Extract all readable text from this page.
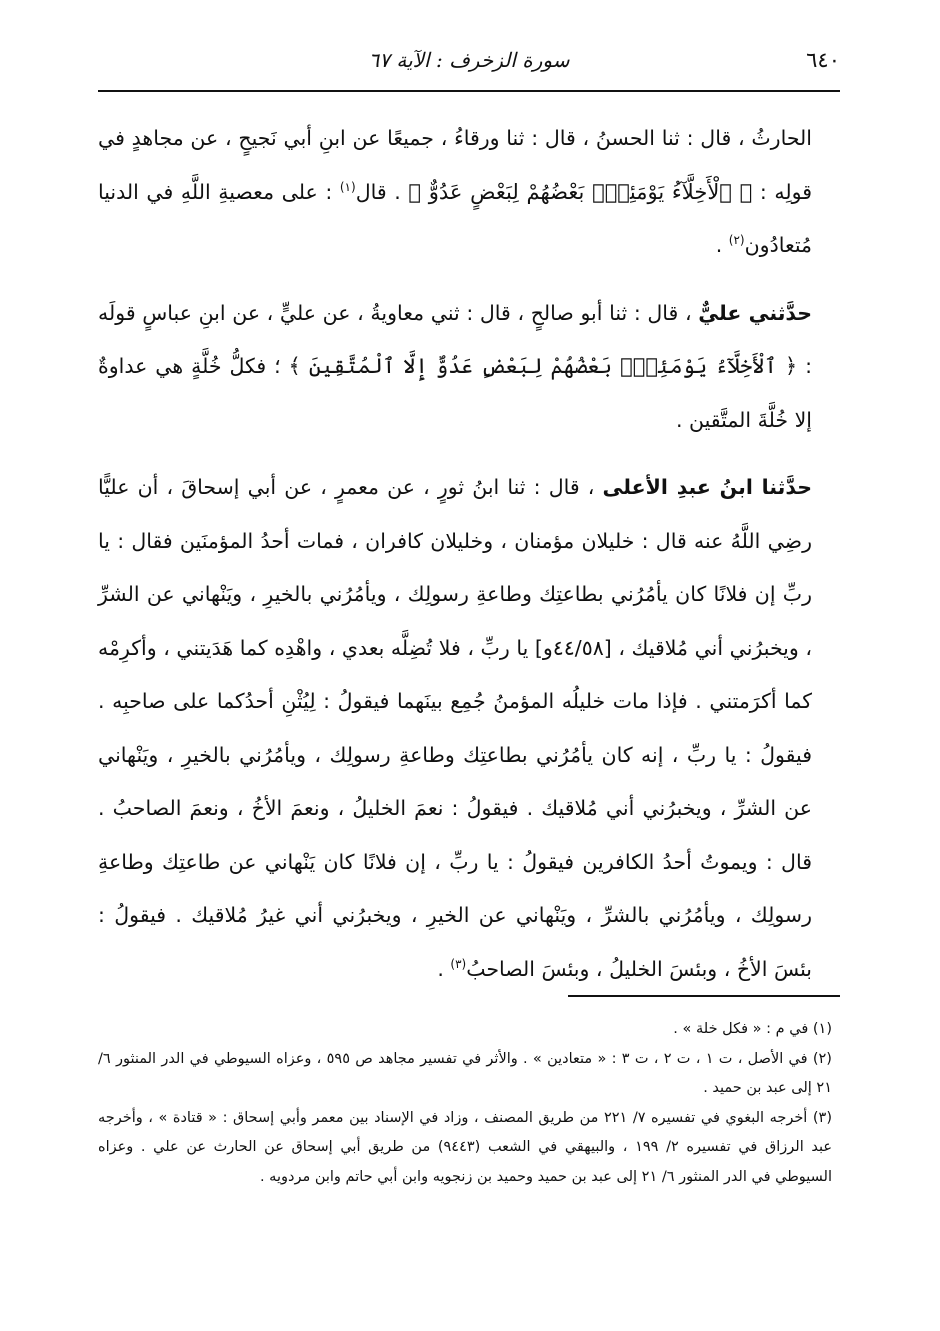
٦٤٠
سورة الزخرف : الآية ٦٧

الحارثُ ، قال : ثنا الحسنُ ، قال : ثنا ورقاءُ ، جميعًا عن ابنِ أبي نَجيحٍ ، عن مجاهدٍ في قولِه : ﴿ ٱلْأَخِلَّآءُ يَوْمَئِذٍۭ بَعْضُهُمْ لِبَعْضٍ عَدُوٌّ ﴾ . قال$^{(١)}$ : على معصيةِ اللَّهِ في الدنيا مُتعادُون$^{(٢)}$ .

حدَّثني عليٌّ ، قال : ثنا أبو صالحٍ ، قال : ثني معاويةُ ، عن عليٍّ ، عن ابنِ عباسٍ قولَه : ﴿ ٱلْأَخِلَّآءُ يَوْمَئِذٍۭ بَعْضُهُمْ لِبَعْضٍ عَدُوٌّ إِلَّا ٱلْمُتَّقِينَ ﴾ ؛ فكلُّ خُلَّةٍ هي عداوةٌ إلا خُلَّةَ المتَّقين .

حدَّثنا ابنُ عبدِ الأعلى ، قال : ثنا ابنُ ثورٍ ، عن معمرٍ ، عن أبي إسحاقَ ، أن عليًّا رضِي اللَّهُ عنه قال : خليلان مؤمنان ، وخليلان كافران ، فمات أحدُ المؤمنَين فقال : يا ربِّ إن فلانًا كان يأمُرُني بطاعتِك وطاعةِ رسولِك ، ويأمُرُني بالخيرِ ، ويَنْهاني عن الشرِّ ، ويخبرُني أني مُلاقيك ، [٤٤/٥٨و] يا ربِّ ، فلا تُضِلَّه بعدي ، واهْدِه كما هَدَيتني ، وأكرِمْه كما أكرَمتني . فإذا مات خليلُه المؤمنُ جُمِع بينَهما فيقولُ : لِيُثْنِ أحدُكما على صاحبِه . فيقولُ : يا ربِّ ، إنه كان يأمُرُني بطاعتِك وطاعةِ رسولِك ، ويأمُرُني بالخيرِ ، ويَنْهاني عن الشرِّ ، ويخبرُني أني مُلاقيك . فيقولُ : نعمَ الخليلُ ، ونعمَ الأخُ ، ونعمَ الصاحبُ . قال : ويموتُ أحدُ الكافرين فيقولُ : يا ربِّ ، إن فلانًا كان يَنْهاني عن طاعتِك وطاعةِ رسولِك ، ويأمُرُني بالشرِّ ، ويَنْهاني عن الخيرِ ، ويخبرُني أني غيرُ مُلاقيك . فيقولُ : بئسَ الأخُ ، وبئسَ الخليلُ ، وبئسَ الصاحبُ$^{(٣)}$ .

(١) في م : « فكل خلة » .

(٢) في الأصل ، ت ١ ، ت ٢ ، ت ٣ : « متعادين » . والأثر في تفسير مجاهد ص ٥٩٥ ، وعزاه السيوطي في الدر المنثور ٦/ ٢١ إلى عبد بن حميد .

(٣) أخرجه البغوي في تفسيره ٧/ ٢٢١ من طريق المصنف ، وزاد في الإسناد بين معمر وأبي إسحاق : « قتادة » ، وأخرجه عبد الرزاق في تفسيره ٢/ ١٩٩ ، والبيهقي في الشعب (٩٤٤٣) من طريق أبي إسحاق عن الحارث عن علي . وعزاه السيوطي في الدر المنثور ٦/ ٢١ إلى عبد بن حميد وحميد بن زنجويه وابن أبي حاتم وابن مردويه .
